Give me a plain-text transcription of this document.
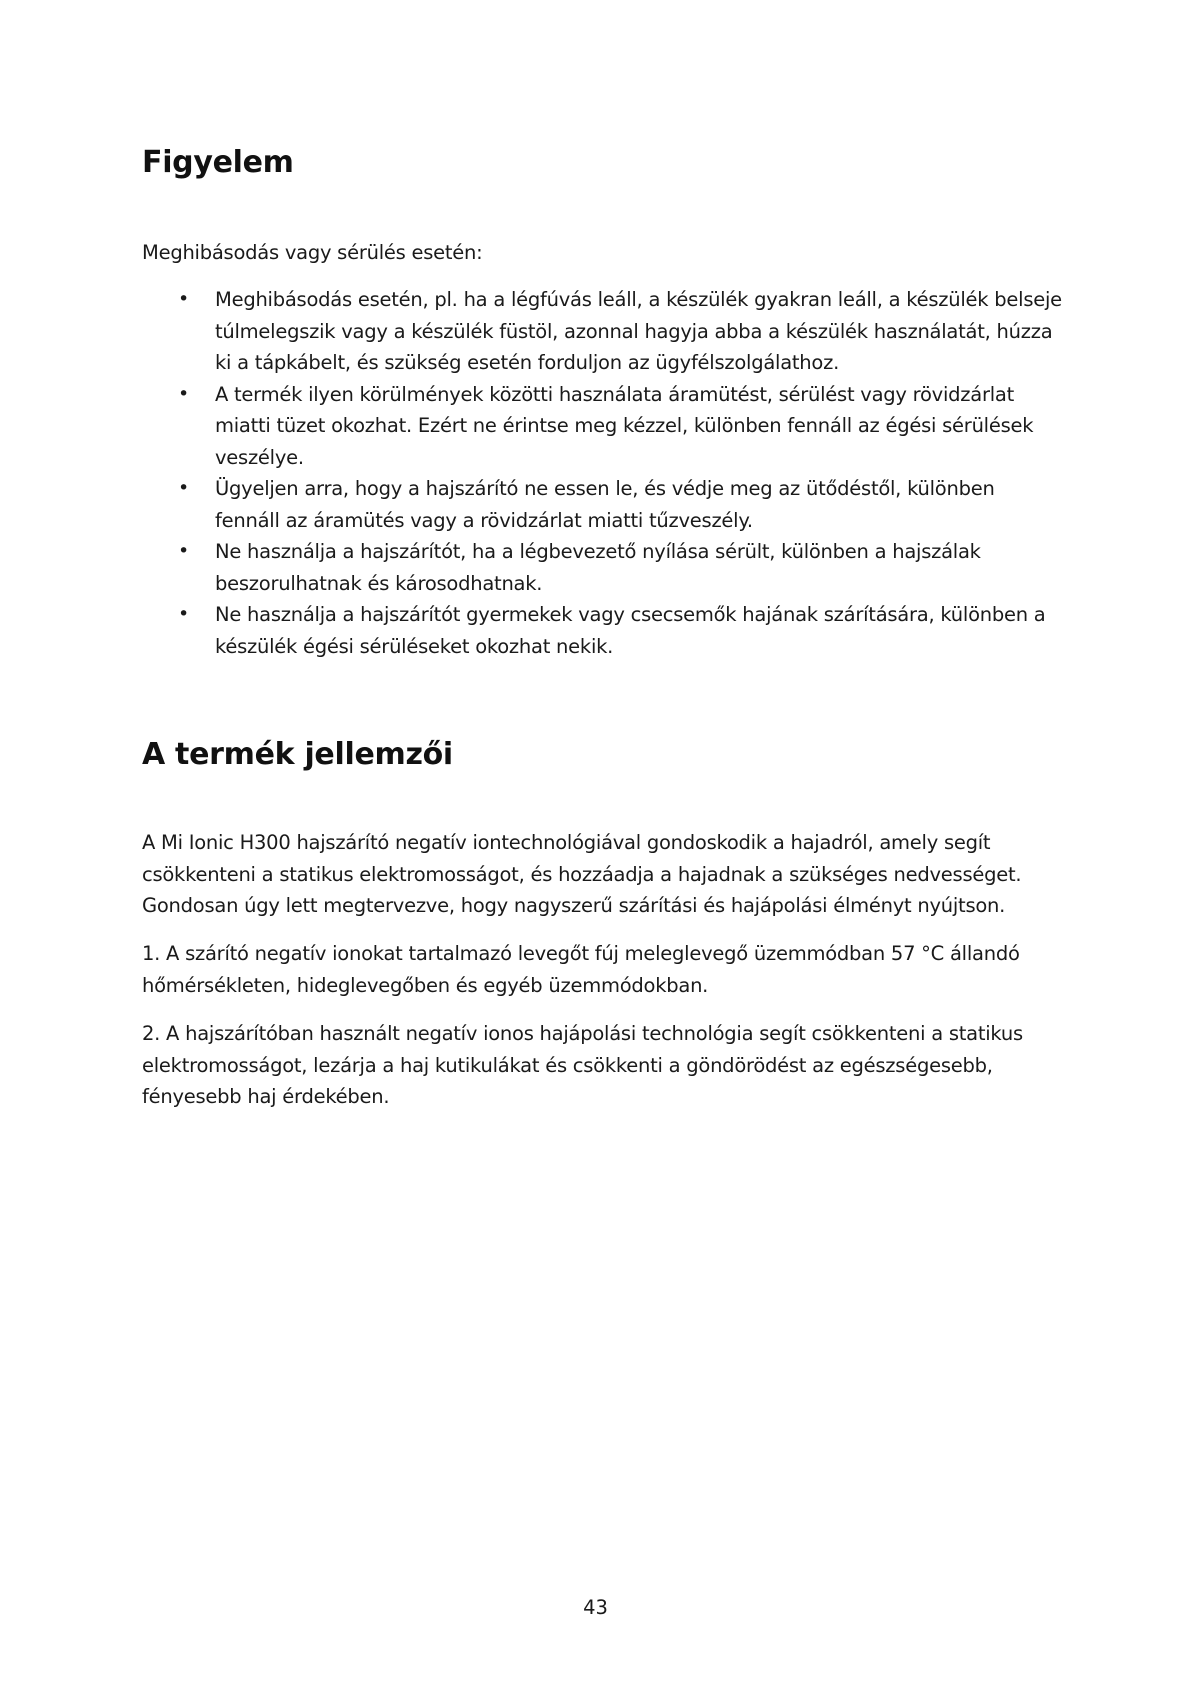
Figyelem

Meghibásodás vagy sérülés esetén:

• Meghibásodás esetén, pl. ha a légfúvás leáll, a készülék gyakran leáll, a készülék belseje túlmelegszik vagy a készülék füstöl, azonnal hagyja abba a készülék használatát, húzza ki a tápkábelt, és szükség esetén forduljon az ügyfélszolgálathoz.
• A termék ilyen körülmények közötti használata áramütést, sérülést vagy rövidzárlat miatti tüzet okozhat. Ezért ne érintse meg kézzel, különben fennáll az égési sérülések veszélye.
• Ügyeljen arra, hogy a hajszárító ne essen le, és védje meg az ütődéstől, különben fennáll az áramütés vagy a rövidzárlat miatti tűzveszély.
• Ne használja a hajszárítót, ha a légbevezető nyílása sérült, különben a hajszálak beszorulhatnak és károsodhatnak.
• Ne használja a hajszárítót gyermekek vagy csecsemők hajának szárítására, különben a készülék égési sérüléseket okozhat nekik.
A termék jellemzői

A Mi Ionic H300 hajszárító negatív iontechnológiával gondoskodik a hajadról, amely segít csökkenteni a statikus elektromosságot, és hozzáadja a hajadnak a szükséges nedvességet. Gondosan úgy lett megtervezve, hogy nagyszerű szárítási és hajápolási élményt nyújtson.

1. A szárító negatív ionokat tartalmazó levegőt fúj meleglevegő üzemmódban 57 °C állandó hőmérsékleten, hideglevegőben és egyéb üzemmódokban.

2. A hajszárítóban használt negatív ionos hajápolási technológia segít csökkenteni a statikus elektromosságot, lezárja a haj kutikulákat és csökkenti a göndörödést az egészségesebb, fényesebb haj érdekében.

43
